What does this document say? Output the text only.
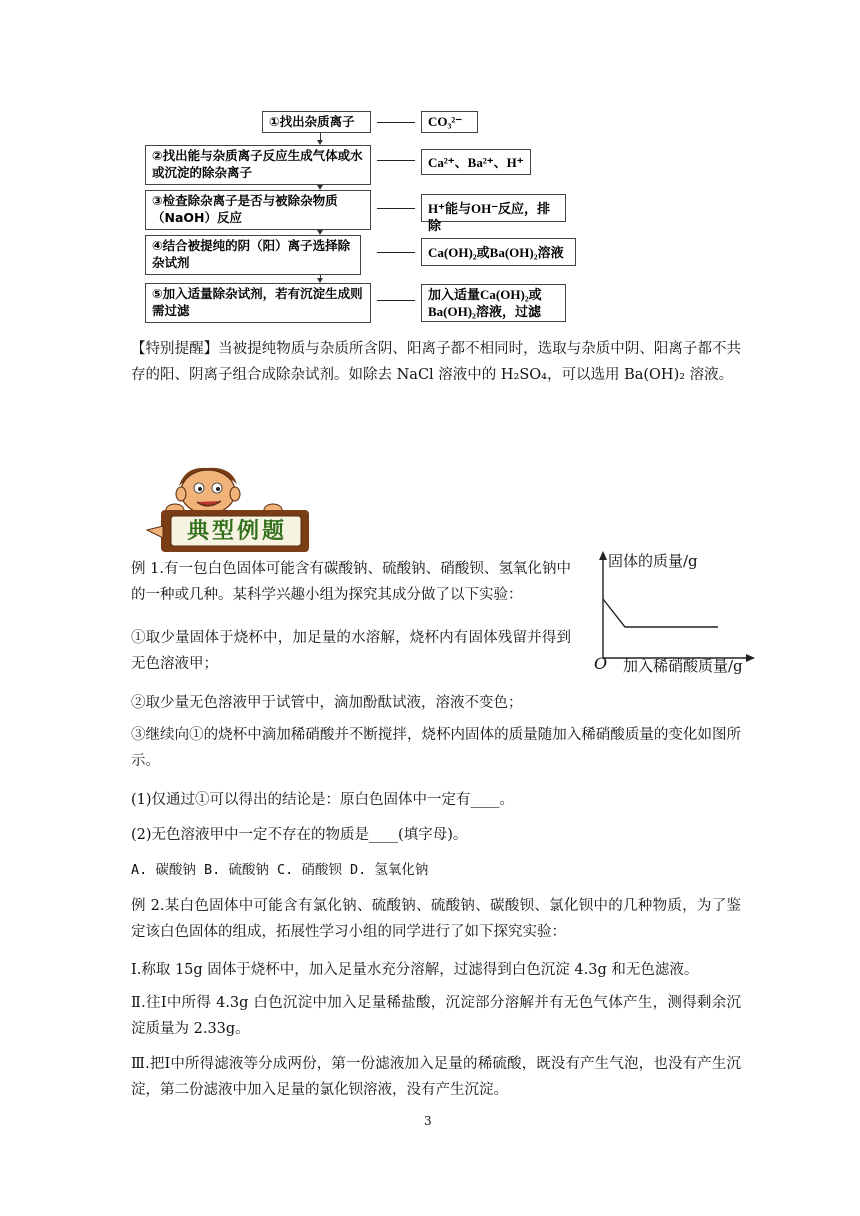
①找出杂质离子
②找出能与杂质离子反应生成气体或水或沉淀的除杂离子
③检查除杂离子是否与被除杂物质（NaOH）反应
④结合被提纯的阴（阳）离子选择除杂试剂
⑤加入适量除杂试剂，若有沉淀生成则需过滤
CO₃²⁻
Ca²⁺、Ba²⁺、H⁺
H⁺能与OH⁻反应，排除
Ca(OH)₂或Ba(OH)₂溶液
加入适量Ca(OH)₂或Ba(OH)₂溶液，过滤
【特别提醒】当被提纯物质与杂质所含阴、阳离子都不相同时，选取与杂质中阴、阳离子都不共存的阳、阴离子组合成除杂试剂。如除去 NaCl 溶液中的 H₂SO₄，可以选用 Ba(OH)₂ 溶液。
典型例题
固体的质量/g
O 加入稀硝酸质量/g
例 1.有一包白色固体可能含有碳酸钠、硫酸钠、硝酸钡、氢氧化钠中的一种或几种。某科学兴趣小组为探究其成分做了以下实验：
①取少量固体于烧杯中，加足量的水溶解，烧杯内有固体残留并得到无色溶液甲；
②取少量无色溶液甲于试管中，滴加酚酞试液，溶液不变色；
③继续向①的烧杯中滴加稀硝酸并不断搅拌，烧杯内固体的质量随加入稀硝酸质量的变化如图所示。
(1)仅通过①可以得出的结论是：原白色固体中一定有____。
(2)无色溶液甲中一定不存在的物质是____(填字母)。
A. 碳酸钠 B. 硫酸钠 C. 硝酸钡 D. 氢氧化钠
例 2.某白色固体中可能含有氯化钠、硫酸钠、硫酸钠、碳酸钡、氯化钡中的几种物质，为了鉴定该白色固体的组成，拓展性学习小组的同学进行了如下探究实验：
Ⅰ.称取 15g 固体于烧杯中，加入足量水充分溶解，过滤得到白色沉淀 4.3g 和无色滤液。
Ⅱ.往Ⅰ中所得 4.3g 白色沉淀中加入足量稀盐酸，沉淀部分溶解并有无色气体产生，测得剩余沉淀质量为 2.33g。
Ⅲ.把Ⅰ中所得滤液等分成两份，第一份滤液加入足量的稀硫酸，既没有产生气泡，也没有产生沉淀，第二份滤液中加入足量的氯化钡溶液，没有产生沉淀。
3
